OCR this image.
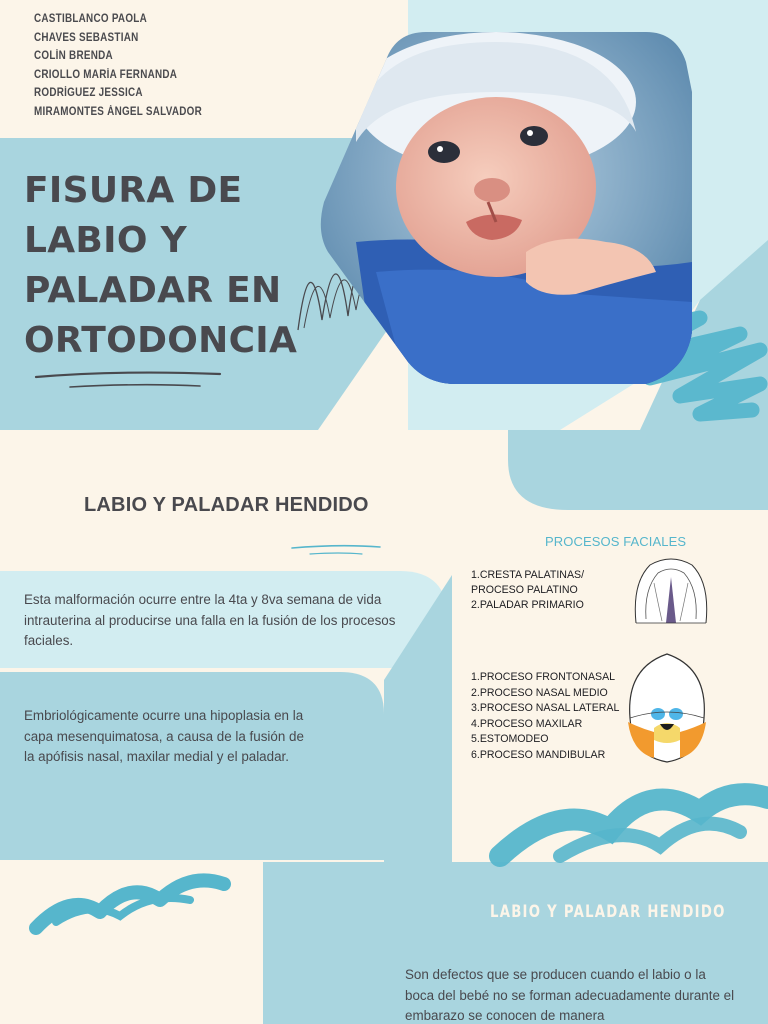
CASTIBLANCO PAOLA
CHAVES SEBASTIAN
COLÍN BRENDA
CRIOLLO MARÍA FERNANDA
RODRÍGUEZ JESSICA
MIRAMONTES ÁNGEL SALVADOR
FISURA DE
LABIO Y
PALADAR EN
ORTODONCIA
LABIO Y PALADAR HENDIDO
Esta malformación ocurre entre la 4ta y 8va semana de vida intrauterina al producirse una falla en la fusión de los procesos faciales.
Embriológicamente ocurre una hipoplasia en la capa mesenquimatosa, a causa de la fusión de la apófisis nasal, maxilar medial y el paladar.
PROCESOS FACIALES
1.CRESTA PALATINAS/
PROCESO PALATINO
2.PALADAR PRIMARIO
1.PROCESO FRONTONASAL
2.PROCESO NASAL MEDIO
3.PROCESO NASAL LATERAL
4.PROCESO MAXILAR
5.ESTOMODEO
6.PROCESO MANDIBULAR
LABIO Y PALADAR HENDIDO
Son defectos que se producen cuando el labio o la boca del bebé no se forman adecuadamente durante el embarazo se conocen de manera
